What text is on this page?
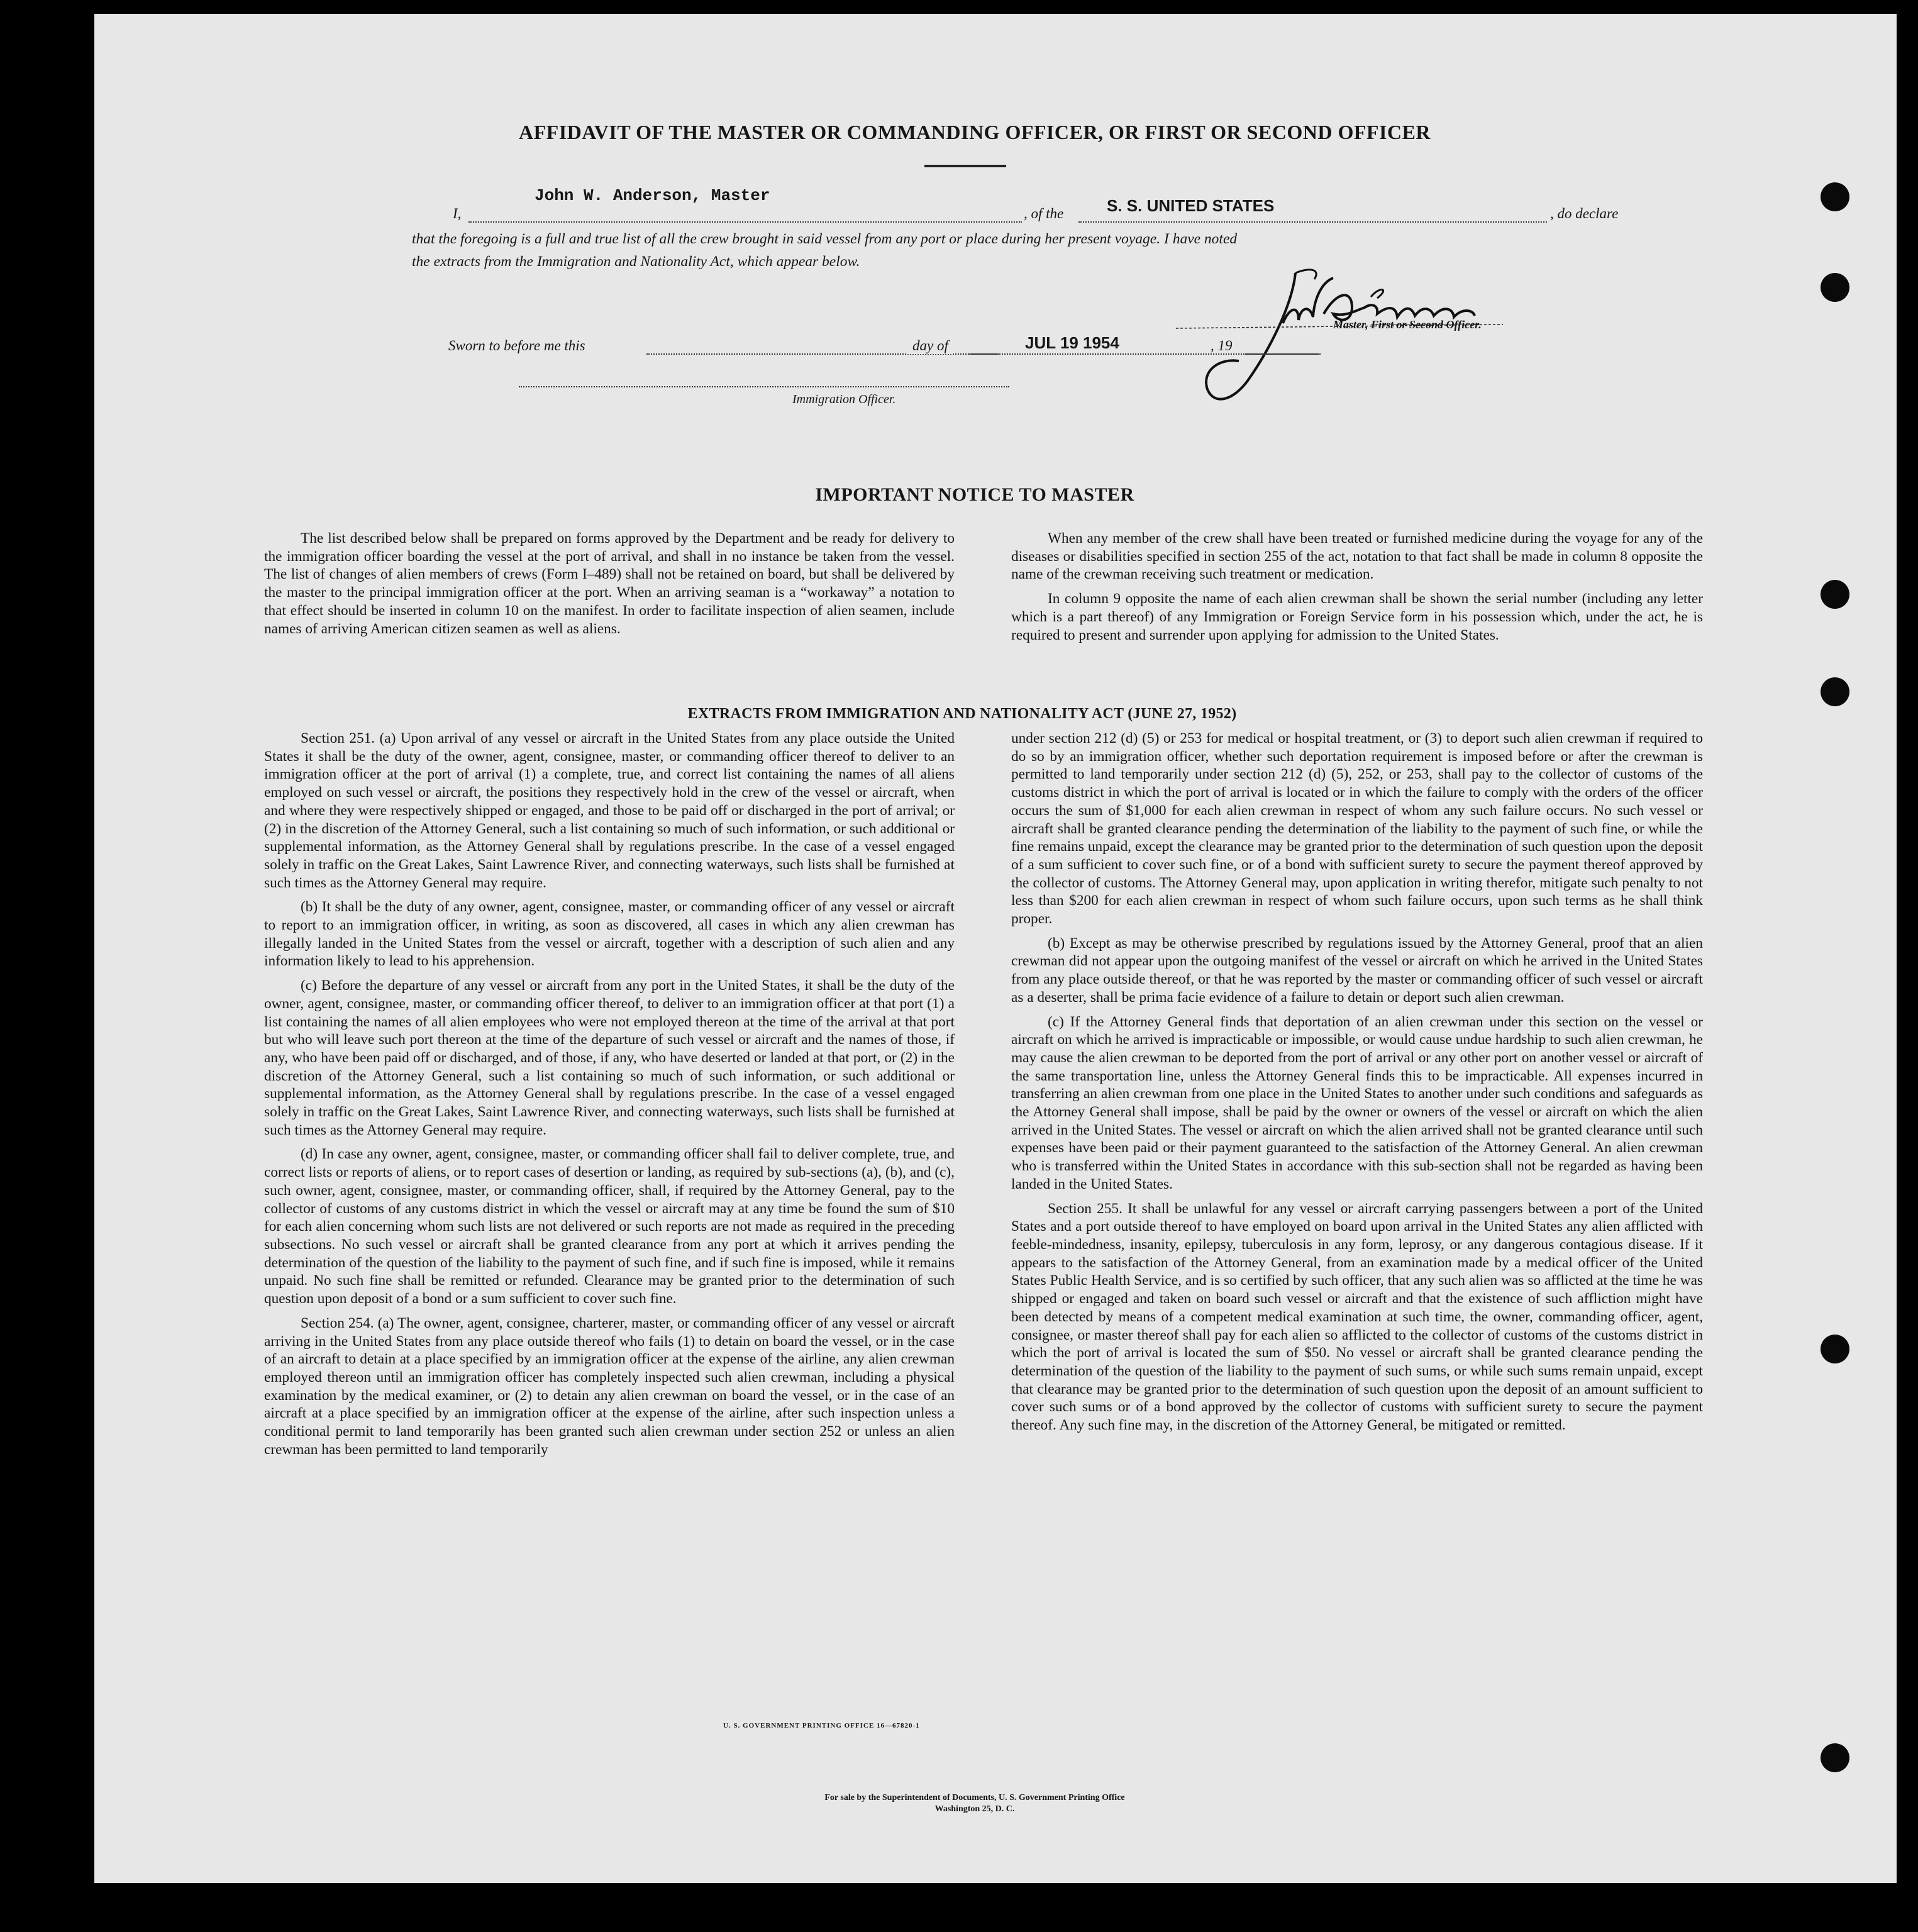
AFFIDAVIT OF THE MASTER OR COMMANDING OFFICER, OR FIRST OR SECOND OFFICER
I,
John W. Anderson, Master
, of the	S. S. UNITED STATES	, do declare
that the foregoing is a full and true list of all the crew brought in said vessel from any port or place during her present voyage. I have noted
the extracts from the Immigration and Nationality Act, which appear below.
Master, First or Second Officer.
Sworn to before me this	day of	JUL 19 1954	, 19
Immigration Officer.
IMPORTANT NOTICE TO MASTER

The list described below shall be prepared on forms approved by the Department and be ready for delivery to the immigration officer boarding the vessel at the port of arrival, and shall in no instance be taken from the vessel. The list of changes of alien members of crews (Form I–489) shall not be retained on board, but shall be delivered by the master to the principal immigration officer at the port. When an arriving seaman is a “workaway” a notation to that effect should be inserted in column 10 on the manifest. In order to facilitate inspection of alien seamen, include names of arriving American citizen seamen as well as aliens.

When any member of the crew shall have been treated or furnished medicine during the voyage for any of the diseases or disabilities specified in section 255 of the act, notation to that fact shall be made in column 8 opposite the name of the crewman receiving such treatment or medication.

In column 9 opposite the name of each alien crewman shall be shown the serial number (including any letter which is a part thereof) of any Immigration or Foreign Service form in his possession which, under the act, he is required to present and surrender upon applying for admission to the United States.

EXTRACTS FROM IMMIGRATION AND NATIONALITY ACT (JUNE 27, 1952)

Section 251. (a) Upon arrival of any vessel or aircraft in the United States from any place outside the United States it shall be the duty of the owner, agent, consignee, master, or commanding officer thereof to deliver to an immigration officer at the port of arrival (1) a complete, true, and correct list containing the names of all aliens employed on such vessel or aircraft, the positions they respectively hold in the crew of the vessel or aircraft, when and where they were respectively shipped or engaged, and those to be paid off or discharged in the port of arrival; or (2) in the discretion of the Attorney General, such a list containing so much of such information, or such additional or supplemental information, as the Attorney General shall by regulations prescribe. In the case of a vessel engaged solely in traffic on the Great Lakes, Saint Lawrence River, and connecting waterways, such lists shall be furnished at such times as the Attorney General may require.

(b) It shall be the duty of any owner, agent, consignee, master, or commanding officer of any vessel or aircraft to report to an immigration officer, in writing, as soon as discovered, all cases in which any alien crewman has illegally landed in the United States from the vessel or aircraft, together with a description of such alien and any information likely to lead to his apprehension.

(c) Before the departure of any vessel or aircraft from any port in the United States, it shall be the duty of the owner, agent, consignee, master, or commanding officer thereof, to deliver to an immigration officer at that port (1) a list containing the names of all alien employees who were not employed thereon at the time of the arrival at that port but who will leave such port thereon at the time of the departure of such vessel or aircraft and the names of those, if any, who have been paid off or discharged, and of those, if any, who have deserted or landed at that port, or (2) in the discretion of the Attorney General, such a list containing so much of such information, or such additional or supplemental information, as the Attorney General shall by regulations prescribe. In the case of a vessel engaged solely in traffic on the Great Lakes, Saint Lawrence River, and connecting waterways, such lists shall be furnished at such times as the Attorney General may require.

(d) In case any owner, agent, consignee, master, or commanding officer shall fail to deliver complete, true, and correct lists or reports of aliens, or to report cases of desertion or landing, as required by sub-sections (a), (b), and (c), such owner, agent, consignee, master, or commanding officer, shall, if required by the Attorney General, pay to the collector of customs of any customs district in which the vessel or aircraft may at any time be found the sum of $10 for each alien concerning whom such lists are not delivered or such reports are not made as required in the preceding subsections. No such vessel or aircraft shall be granted clearance from any port at which it arrives pending the determination of the question of the liability to the payment of such fine, and if such fine is imposed, while it remains unpaid. No such fine shall be remitted or refunded. Clearance may be granted prior to the determination of such question upon deposit of a bond or a sum sufficient to cover such fine.

Section 254. (a) The owner, agent, consignee, charterer, master, or commanding officer of any vessel or aircraft arriving in the United States from any place outside thereof who fails (1) to detain on board the vessel, or in the case of an aircraft to detain at a place specified by an immigration officer at the expense of the airline, any alien crewman employed thereon until an immigration officer has completely inspected such alien crewman, including a physical examination by the medical examiner, or (2) to detain any alien crewman on board the vessel, or in the case of an aircraft at a place specified by an immigration officer at the expense of the airline, after such inspection unless a conditional permit to land temporarily has been granted such alien crewman under section 252 or unless an alien crewman has been permitted to land temporarily

under section 212 (d) (5) or 253 for medical or hospital treatment, or (3) to deport such alien crewman if required to do so by an immigration officer, whether such deportation requirement is imposed before or after the crewman is permitted to land temporarily under section 212 (d) (5), 252, or 253, shall pay to the collector of customs of the customs district in which the port of arrival is located or in which the failure to comply with the orders of the officer occurs the sum of $1,000 for each alien crewman in respect of whom any such failure occurs. No such vessel or aircraft shall be granted clearance pending the determination of the liability to the payment of such fine, or while the fine remains unpaid, except the clearance may be granted prior to the determination of such question upon the deposit of a sum sufficient to cover such fine, or of a bond with sufficient surety to secure the payment thereof approved by the collector of customs. The Attorney General may, upon application in writing therefor, mitigate such penalty to not less than $200 for each alien crewman in respect of whom such failure occurs, upon such terms as he shall think proper.

(b) Except as may be otherwise prescribed by regulations issued by the Attorney General, proof that an alien crewman did not appear upon the outgoing manifest of the vessel or aircraft on which he arrived in the United States from any place outside thereof, or that he was reported by the master or commanding officer of such vessel or aircraft as a deserter, shall be prima facie evidence of a failure to detain or deport such alien crewman.

(c) If the Attorney General finds that deportation of an alien crewman under this section on the vessel or aircraft on which he arrived is impracticable or impossible, or would cause undue hardship to such alien crewman, he may cause the alien crewman to be deported from the port of arrival or any other port on another vessel or aircraft of the same transportation line, unless the Attorney General finds this to be impracticable. All expenses incurred in transferring an alien crewman from one place in the United States to another under such conditions and safeguards as the Attorney General shall impose, shall be paid by the owner or owners of the vessel or aircraft on which the alien arrived in the United States. The vessel or aircraft on which the alien arrived shall not be granted clearance until such expenses have been paid or their payment guaranteed to the satisfaction of the Attorney General. An alien crewman who is transferred within the United States in accordance with this sub-section shall not be regarded as having been landed in the United States.

Section 255. It shall be unlawful for any vessel or aircraft carrying passengers between a port of the United States and a port outside thereof to have employed on board upon arrival in the United States any alien afflicted with feeble-mindedness, insanity, epilepsy, tuberculosis in any form, leprosy, or any dangerous contagious disease. If it appears to the satisfaction of the Attorney General, from an examination made by a medical officer of the United States Public Health Service, and is so certified by such officer, that any such alien was so afflicted at the time he was shipped or engaged and taken on board such vessel or aircraft and that the existence of such affliction might have been detected by means of a competent medical examination at such time, the owner, commanding officer, agent, consignee, or master thereof shall pay for each alien so afflicted to the collector of customs of the customs district in which the port of arrival is located the sum of $50. No vessel or aircraft shall be granted clearance pending the determination of the question of the liability to the payment of such sums, or while such sums remain unpaid, except that clearance may be granted prior to the determination of such question upon the deposit of an amount sufficient to cover such sums or of a bond approved by the collector of customs with sufficient surety to secure the payment thereof. Any such fine may, in the discretion of the Attorney General, be mitigated or remitted.

U. S. GOVERNMENT PRINTING OFFICE 16—67820-1
For sale by the Superintendent of Documents, U. S. Government Printing Office
Washington 25, D. C.
